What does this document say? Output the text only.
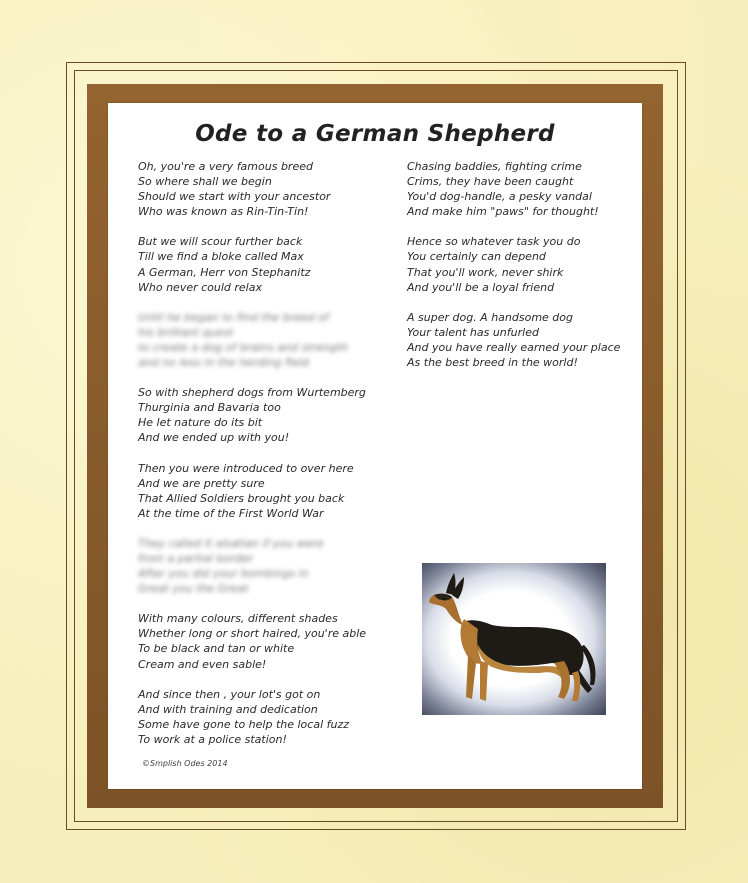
Ode to a German Shepherd
Oh, you're a very famous breed
So where shall we begin
Should we start with your ancestor
Who was known as Rin-Tin-Tin!
But we will scour further back
Till we find a bloke called Max
A German, Herr von Stephanitz
Who never could relax
Until he began to find the breed of
his brilliant quest
to create a dog of brains and strength
and no less in the herding field
So with shepherd dogs from Wurtemberg
Thurginia and Bavaria too
He let nature do its bit
And we ended up with you!
Then you were introduced to over here
And we are pretty sure
That Allied Soldiers brought you back
At the time of the First World War
They called it alsatian if you were
from a partial border
After you did your bombings in
Great you the Great
With many colours, different shades
Whether long or short haired, you're able
To be black and tan or white
Cream and even sable!
And since then , your lot's got on
And with training and dedication
Some have gone to help the local fuzz
To work at a police station!
Chasing baddies, fighting crime
Crims, they have been caught
You'd dog-handle, a pesky vandal
And make him "paws" for thought!
Hence so whatever task you do
You certainly can depend
That you'll work, never shirk
And you'll be a loyal friend
A super dog. A handsome dog
Your talent has unfurled
And you have really earned your place
As the best breed in the world!
©Smplish Odes 2014
